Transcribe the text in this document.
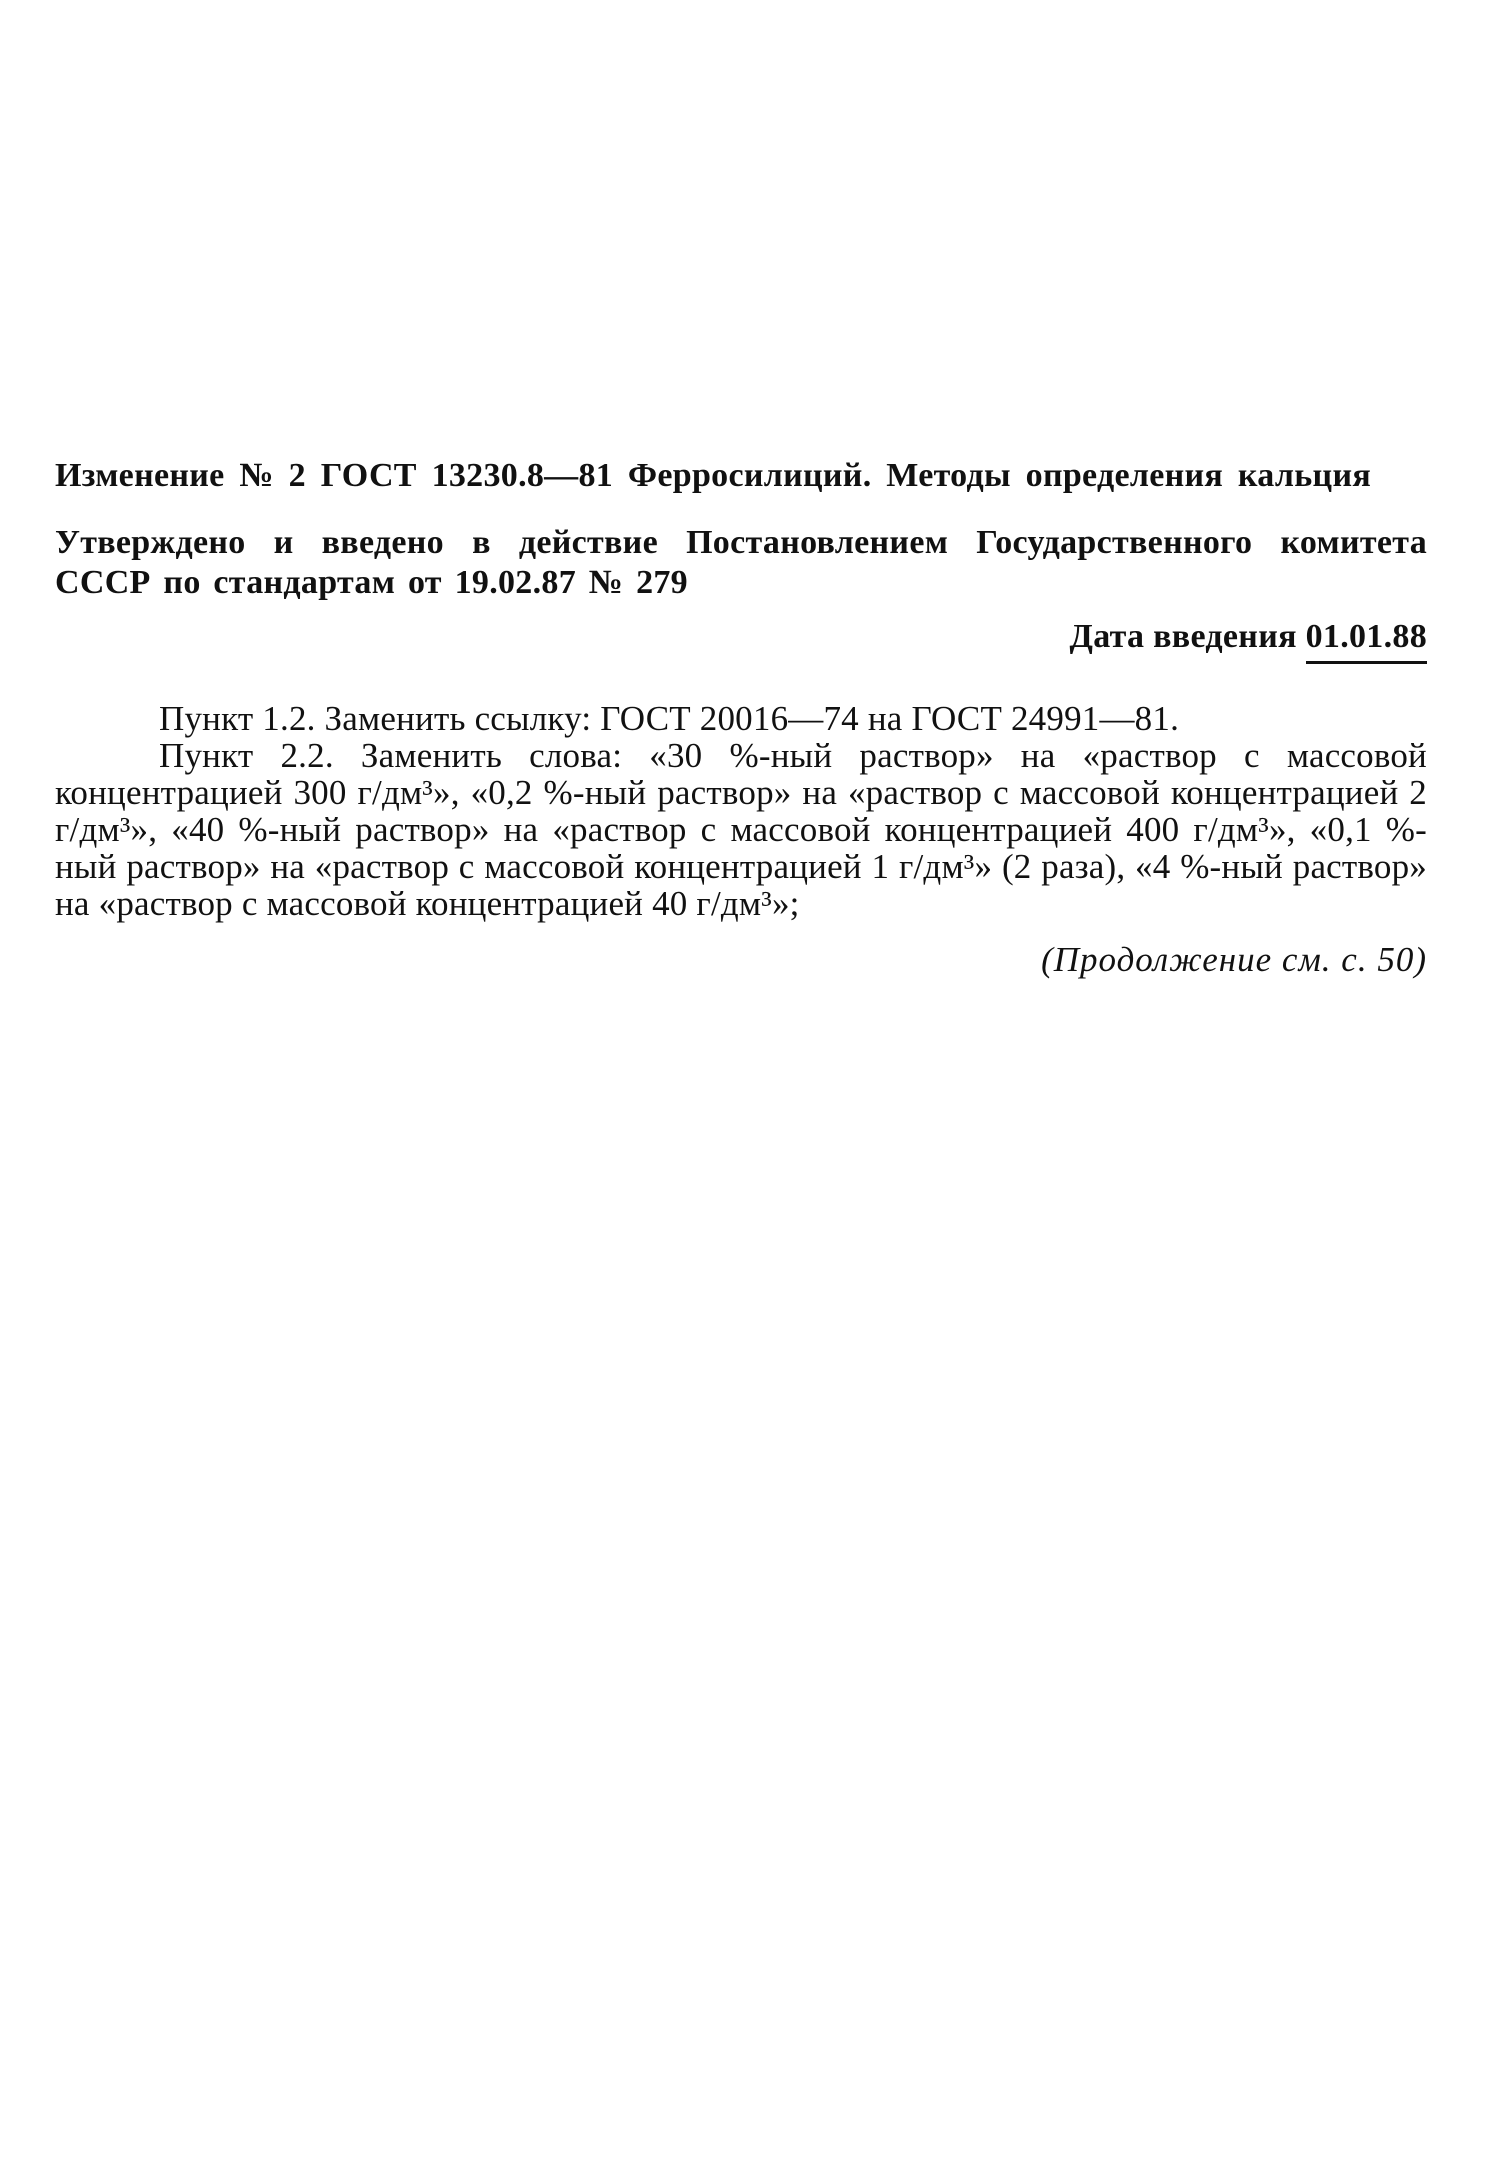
Изменение № 2 ГОСТ 13230.8—81 Ферросилиций. Методы определения кальция
Утверждено и введено в действие Постановлением Государственного комитета СССР по стандартам от 19.02.87 № 279
Дата введения 01.01.88

Пункт 1.2. Заменить ссылку: ГОСТ 20016—74 на ГОСТ 24991—81.

Пункт 2.2. Заменить слова: «30 %-ный раствор» на «раствор с массовой концентрацией 300 г/дм³», «0,2 %-ный раствор» на «раствор с массовой концентрацией 2 г/дм³», «40 %-ный раствор» на «раствор с массовой концентрацией 400 г/дм³», «0,1 %-ный раствор» на «раствор с массовой концентрацией 1 г/дм³» (2 раза), «4 %-ный раствор» на «раствор с массовой концентрацией 40 г/дм³»;

(Продолжение см. с. 50)
